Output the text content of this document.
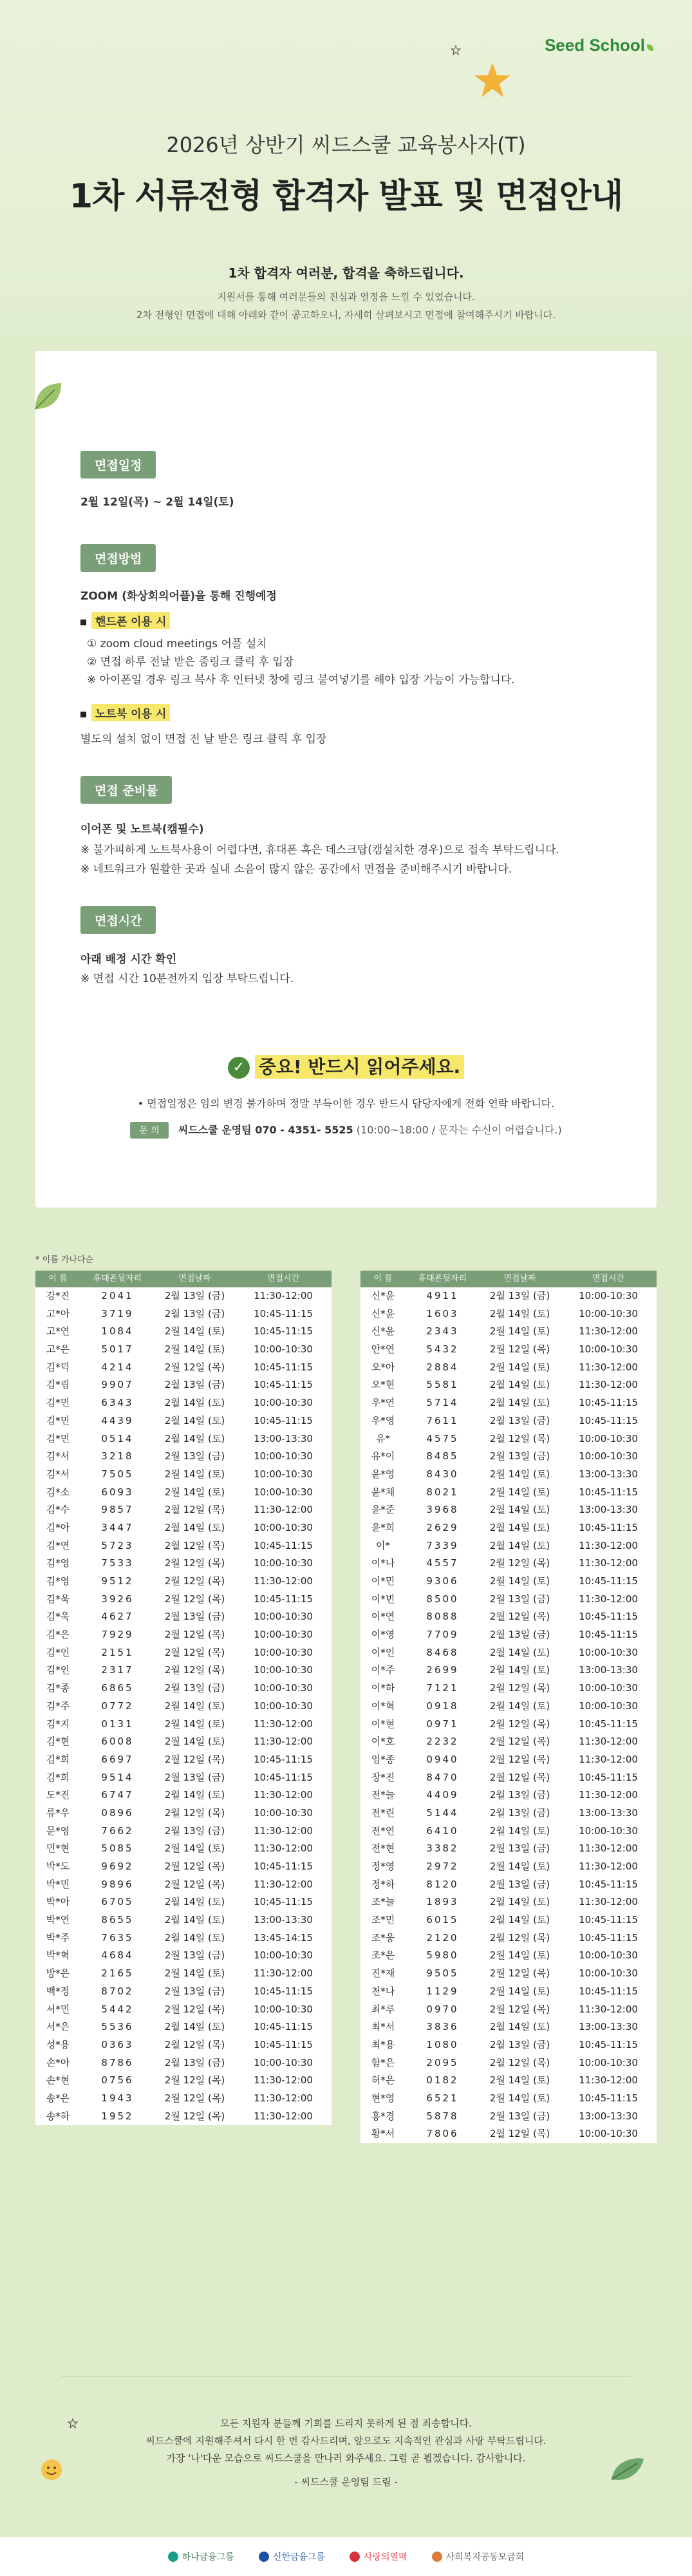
Seed School
2026년 상반기 씨드스쿨 교육봉사자(T)
1차 서류전형 합격자 발표 및 면접안내
1차 합격자 여러분, 합격을 축하드립니다.
지원서를 통해 여러분들의 진심과 열정을 느낄 수 있었습니다.
2차 전형인 면접에 대해 아래와 같이 공고하오니, 자세히 살펴보시고 면접에 참여해주시기 바랍니다.
면접일정
2월 12일(목) ~ 2월 14일(토)
면접방법
ZOOM (화상회의어플)을 통해 진행예정
핸드폰 이용 시
① zoom cloud meetings 어플 설치
② 면접 하루 전날 받은 줌링크 클릭 후 입장
※ 아이폰일 경우 링크 복사 후 인터넷 창에 링크 붙여넣기를 해야 입장 가능이 가능합니다.
노트북 이용 시
별도의 설치 없이 면접 전 날 받은 링크 클릭 후 입장
면접 준비물
이어폰 및 노트북(캠필수)
※ 불가피하게 노트북사용이 어렵다면, 휴대폰 혹은 데스크탑(캠설치한 경우)으로 접속 부탁드립니다.
※ 네트워크가 원활한 곳과 실내 소음이 많지 않은 공간에서 면접을 준비해주시기 바랍니다.
면접시간
아래 배정 시간 확인
※ 면접 시간 10분전까지 입장 부탁드립니다.
✓ 중요! 반드시 읽어주세요.
• 면접일정은 임의 변경 불가하며 정말 부득이한 경우 반드시 담당자에게 전화 연락 바랍니다.
문 의 씨드스쿨 운영팀 070 - 4351- 5525 (10:00~18:00 / 문자는 수신이 어렵습니다.)
* 이름 가나다순
이 름	휴대폰뒷자리	면접날짜	면접시간
강*진	2041	2월 13일 (금)	11:30-12:00
고*아	3719	2월 13일 (금)	10:45-11:15
고*연	1084	2월 14일 (토)	10:45-11:15
고*은	5017	2월 14일 (토)	10:00-10:30
김*덕	4214	2월 12일 (목)	10:45-11:15
김*림	9907	2월 13일 (금)	10:45-11:15
김*민	6343	2월 14일 (토)	10:00-10:30
김*민	4439	2월 14일 (토)	10:45-11:15
김*민	0514	2월 14일 (토)	13:00-13:30
김*서	3218	2월 13일 (금)	10:00-10:30
김*서	7505	2월 14일 (토)	10:00-10:30
김*소	6093	2월 14일 (토)	10:00-10:30
김*수	9857	2월 12일 (목)	11:30-12:00
김*아	3447	2월 14일 (토)	10:00-10:30
김*연	5723	2월 12일 (목)	10:45-11:15
김*영	7533	2월 12일 (목)	10:00-10:30
김*영	9512	2월 12일 (목)	11:30-12:00
김*욱	3926	2월 12일 (목)	10:45-11:15
김*욱	4627	2월 13일 (금)	10:00-10:30
김*은	7929	2월 12일 (목)	10:00-10:30
김*인	2151	2월 12일 (목)	10:00-10:30
김*인	2317	2월 12일 (목)	10:00-10:30
김*종	6865	2월 13일 (금)	10:00-10:30
김*주	0772	2월 14일 (토)	10:00-10:30
김*지	0131	2월 14일 (토)	11:30-12:00
김*현	6008	2월 14일 (토)	11:30-12:00
김*희	6697	2월 12일 (목)	10:45-11:15
김*희	9514	2월 13일 (금)	10:45-11:15
도*진	6747	2월 14일 (토)	11:30-12:00
류*우	0896	2월 12일 (목)	10:00-10:30
문*영	7662	2월 13일 (금)	11:30-12:00
민*현	5085	2월 14일 (토)	11:30-12:00
박*도	9692	2월 12일 (목)	10:45-11:15
박*민	9896	2월 12일 (목)	11:30-12:00
박*아	6705	2월 14일 (토)	10:45-11:15
박*연	8655	2월 14일 (토)	13:00-13:30
박*주	7635	2월 14일 (토)	13:45-14:15
박*혁	4684	2월 13일 (금)	10:00-10:30
방*은	2165	2월 14일 (토)	11:30-12:00
백*정	8702	2월 13일 (금)	10:45-11:15
서*민	5442	2월 12일 (목)	10:00-10:30
서*은	5536	2월 14일 (토)	10:45-11:15
성*용	0363	2월 12일 (목)	10:45-11:15
손*아	8786	2월 13일 (금)	10:00-10:30
손*현	0756	2월 12일 (목)	11:30-12:00
송*은	1943	2월 12일 (목)	11:30-12:00
송*하	1952	2월 12일 (목)	11:30-12:00
이 름	휴대폰뒷자리	면접날짜	면접시간
신*윤	4911	2월 13일 (금)	10:00-10:30
신*윤	1603	2월 14일 (토)	10:00-10:30
신*윤	2343	2월 14일 (토)	11:30-12:00
안*연	5432	2월 12일 (목)	10:00-10:30
오*아	2884	2월 14일 (토)	11:30-12:00
오*현	5581	2월 14일 (토)	11:30-12:00
우*연	5714	2월 14일 (토)	10:45-11:15
우*영	7611	2월 13일 (금)	10:45-11:15
유*	4575	2월 12일 (목)	10:00-10:30
유*이	8485	2월 13일 (금)	10:00-10:30
윤*영	8430	2월 14일 (토)	13:00-13:30
윤*채	8021	2월 14일 (토)	10:45-11:15
윤*준	3968	2월 14일 (토)	13:00-13:30
윤*희	2629	2월 14일 (토)	10:45-11:15
이*	7339	2월 14일 (토)	11:30-12:00
이*나	4557	2월 12일 (목)	11:30-12:00
이*민	9306	2월 14일 (토)	10:45-11:15
이*빈	8500	2월 13일 (금)	11:30-12:00
이*연	8088	2월 12일 (목)	10:45-11:15
이*영	7709	2월 13일 (금)	10:45-11:15
이*인	8468	2월 14일 (토)	10:00-10:30
이*주	2699	2월 14일 (토)	13:00-13:30
이*하	7121	2월 12일 (목)	10:00-10:30
이*혁	0918	2월 14일 (토)	10:00-10:30
이*현	0971	2월 12일 (목)	10:45-11:15
이*호	2232	2월 12일 (목)	11:30-12:00
임*종	0940	2월 12일 (목)	11:30-12:00
장*진	8470	2월 12일 (목)	10:45-11:15
전*늘	4409	2월 13일 (금)	11:30-12:00
전*린	5144	2월 13일 (금)	13:00-13:30
전*연	6410	2월 14일 (토)	10:00-10:30
전*현	3382	2월 13일 (금)	11:30-12:00
정*영	2972	2월 14일 (토)	11:30-12:00
정*하	8120	2월 13일 (금)	10:45-11:15
조*늘	1893	2월 14일 (토)	11:30-12:00
조*민	6015	2월 14일 (토)	10:45-11:15
조*웅	2120	2월 12일 (목)	10:45-11:15
조*은	5980	2월 14일 (토)	10:00-10:30
진*재	9505	2월 12일 (목)	10:00-10:30
천*나	1129	2월 14일 (토)	10:45-11:15
최*루	0970	2월 12일 (목)	11:30-12:00
최*서	3836	2월 14일 (토)	13:00-13:30
최*용	1080	2월 13일 (금)	10:45-11:15
함*은	2095	2월 12일 (목)	10:00-10:30
허*은	0182	2월 14일 (토)	11:30-12:00
현*영	6521	2월 14일 (토)	10:45-11:15
홍*경	5878	2월 13일 (금)	13:00-13:30
황*서	7806	2월 12일 (목)	10:00-10:30
모든 지원자 분들께 기회를 드리지 못하게 된 점 죄송합니다.
씨드스쿨에 지원해주셔서 다시 한 번 감사드리며, 앞으로도 지속적인 관심과 사랑 부탁드립니다.
가장 '나'다운 모습으로 씨드스쿨을 만나러 와주세요. 그럼 곧 뵙겠습니다. 감사합니다.
- 씨드스쿨 운영팀 드림 -
하나금융그룹	신한금융그룹	사랑의열매	사회복지공동모금회
